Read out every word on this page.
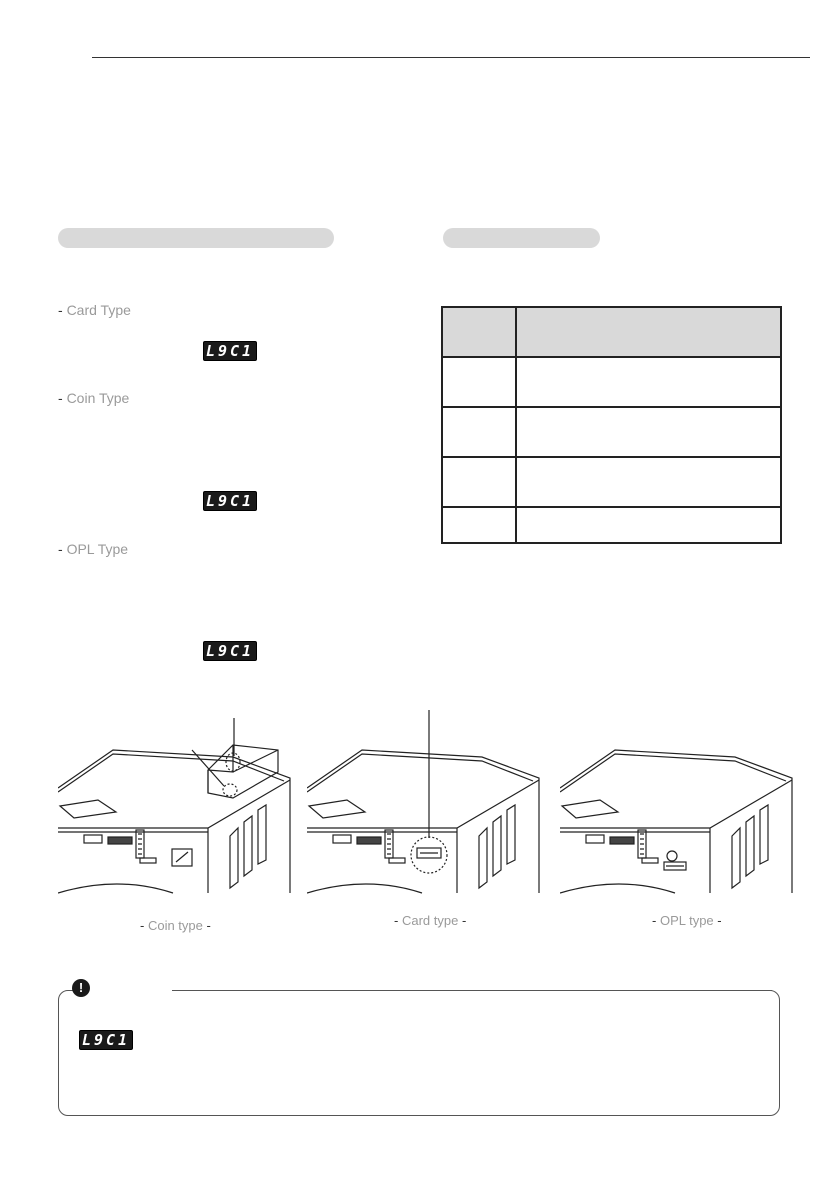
- Card Type
L9C1
- Coin Type
L9C1
- OPL Type
L9C1

- Coin type -	- Card type -	- OPL type -
!
L9C1
